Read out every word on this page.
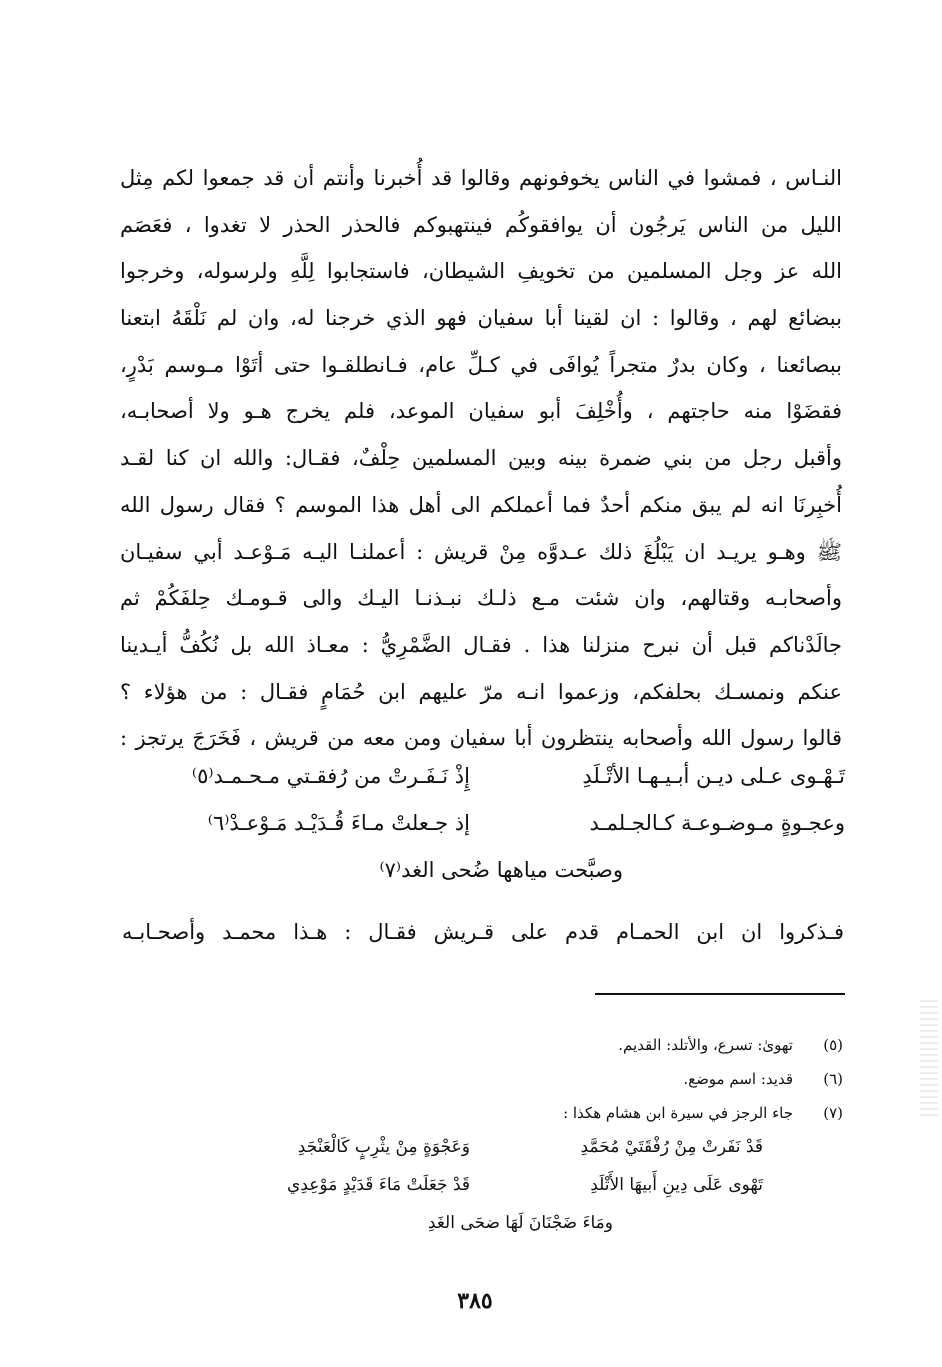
النـاس ، فمشوا في الناس يخوفونهم وقالوا قد أُخبرنا وأنتم أن قد جمعوا لكم مِثل
الليل من الناس يَرجُون أن يوافقوكُم فينتهبوكم فالحذر الحذر لا تغدوا ، فعَصَم
الله عز وجل المسلمين من تخويفِ الشيطان، فاستجابوا لِلَّهِ ولرسوله، وخرجوا
ببضائع لهم ، وقالوا : ان لقينا أبا سفيان فهو الذي خرجنا له، وان لم نَلْقَهُ ابتعنا
ببصائعنا ، وكان بدرٌ متجراً يُوافَى في كـلِّ عام، فـانطلقـوا حتى أتَوْا مـوسم بَدْرٍ،
فقضَوْا منه حاجتهم ، وأُخْلِفَ أبو سفيان الموعد، فلم يخرج هـو ولا أصحابـه،
وأقبل رجل من بني ضمرة بينه وبين المسلمين حِلْفٌ، فقـال: والله ان كنا لقـد
أُخبِرنَا انه لم يبق منكم أحدٌ فما أعملكم الى أهل هذا الموسم ؟ فقال رسول الله
ﷺ وهـو يريـد ان يَبْلُغَ ذلك عـدوَّه مِنْ قريش : أعملنـا اليـه مَـوْعـد أبي سفيـان
وأصحابـه وقتالهم، وان شئت مـع ذلـك نبـذنـا اليـك والى قـومـك حِلفَكُمْ ثم
جالَدْناكم قبل أن نبرح منزلنا هذا . فقـال الضَّمْرِيُّ : معـاذ الله بل نُكُفُّ أيـدينا
عنكم ونمسـك بحلفكم، وزعموا انـه مرّ عليهم ابن حُمَامٍ فقـال : من هؤلاء ؟
قالوا رسول الله وأصحابه ينتظرون أبا سفيان ومن معه من قريش ، فَخَرَجَ يرتجز :
تَـهْـوى عـلى ديـن أبـيـهـا الأتْـلَدِ
إِذْ نَـفَـرتْ من رُفقـتي مـحـمـد⁽٥⁾
وعجـوةٍ مـوضـوعـة كـالجـلمـد
إذ جـعلتْ مـاءَ قُـدَيْـد مَـوْعـدْ⁽٦⁾
وصبَّحت مياهها ضُحى الغد⁽٧⁾
فـذكروا ان ابن الحمـام قدم على قـريش فقـال : هـذا محمـد وأصحـابـه
(٥)تهوىٰ: تسرع، والأتلد: القديم.
(٦)قديد: اسم موضع.
(٧)جاء الرجز في سيرة ابن هشام هكذا :
قَدْ نَفَرتْ مِنْ رُفْقَتَيْ مُحَمَّدِ
وَعَجْوَةٍ مِنْ يثْرِبٍ كَالْعَنْجَدِ
تَهْوى عَلَى دِينِ أَبيهَا الأَتْلَدِ
قَدْ جَعَلَتْ مَاءَ قَدَيْدٍ مَوْعِدِي
ومَاءَ ضَجْنَانَ لَهَا ضحَى الغَدِ
٣٨٥
